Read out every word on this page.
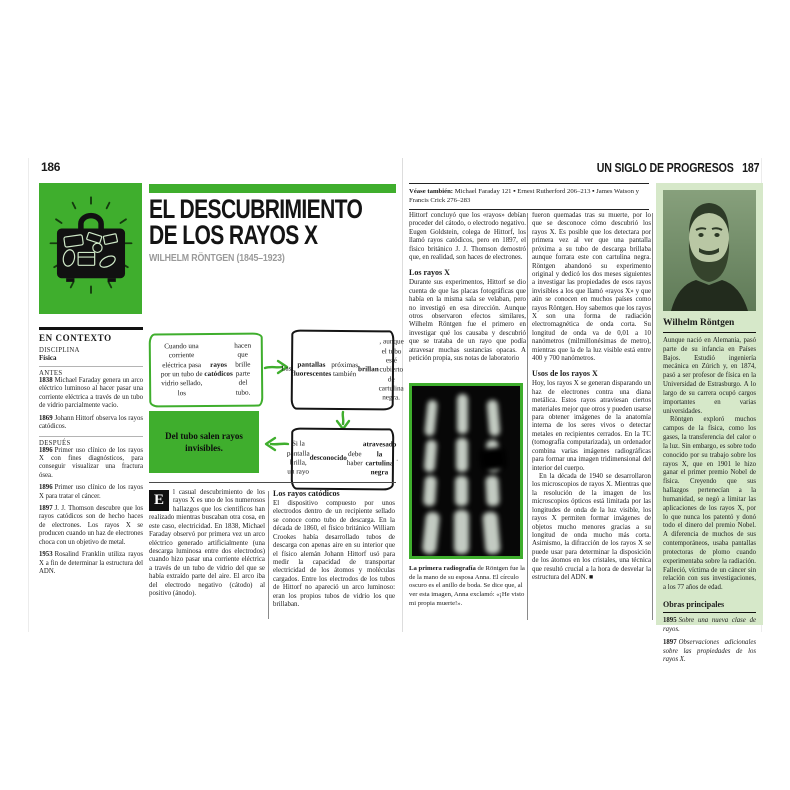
186
EN CONTEXTO
DISCIPLINA
Física
ANTES

1838 Michael Faraday genera un arco eléctrico luminoso al hacer pasar una corriente eléctrica a través de un tubo de vidrio parcialmente vacío.

1869 Johann Hittorf observa los rayos catódicos.

DESPUÉS

1896 Primer uso clínico de los rayos X con fines diagnósticos, para conseguir visualizar una fractura ósea.

1896 Primer uso clínico de los rayos X para tratar el cáncer.

1897 J. J. Thomson descubre que los rayos catódicos son de hecho haces de electrones. Los rayos X se producen cuando un haz de electrones choca con un objetivo de metal.

1953 Rosalind Franklin utiliza rayos X a fin de determinar la estructura del ADN.

EL DESCUBRIMIENTO
DE LOS RAYOS X
WILHELM RÖNTGEN (1845–1923)
Cuando una corriente eléctrica pasa por un tubo de vidrio sellado, los
rayos catódicos
hacen que brille parte del tubo.
Las
pantallas fluorescentes
próximas también
brillan
, aunque el tubo esté cubierto de cartulina negra.
Si la pantalla brilla, un rayo
desconocido
debe haber
atravesado la cartulina negra
.
Del tubo salen rayos invisibles.
E	l casual descubrimiento de los rayos X es uno de los numerosos hallazgos que los científicos han realizado mientras buscaban otra cosa, en este caso, electricidad. En 1838, Michael Faraday observó por primera vez un arco eléctrico generado artificialmente (una descarga luminosa entre dos electrodos) cuando hizo pasar una corriente eléctrica a través de un tubo de vidrio del que se había extraído parte del aire. El arco iba del electrodo negativo (cátodo) al positivo (ánodo).
Los rayos catódicos
El dispositivo compuesto por unos electrodos dentro de un recipiente sellado se conoce como tubo de descarga. En la década de 1860, el físico británico William Crookes había desarrollado tubos de descarga con apenas aire en su interior que el físico alemán Johann Hittorf usó para medir la capacidad de transportar electricidad de los átomos y moléculas cargados. Entre los electrodos de los tubos de Hittorf no apareció un arco luminoso: eran los propios tubos de vidrio los que brillaban.
UN SIGLO DE PROGRESOS 187
Véase también: Michael Faraday 121 ▪ Ernest Rutherford 206–213 ▪ James Watson y Francis Crick 276–283
Hittorf concluyó que los «rayos» debían proceder del cátodo, o electrodo negativo. Eugen Goldstein, colega de Hittorf, los llamó rayos catódicos, pero en 1897, el físico británico J. J. Thomson demostró que, en realidad, son haces de electrones.
Los rayos X
Durante sus experimentos, Hittorf se dio cuenta de que las placas fotográficas que había en la misma sala se velaban, pero no investigó en esa dirección. Aunque otros observaron efectos similares, Wilhelm Röntgen fue el primero en investigar qué los causaba y descubrió que se trataba de un rayo que podía atravesar muchas sustancias opacas. A petición propia, sus notas de laboratorio
La primera radiografía de Röntgen fue la de la mano de su esposa Anna. El círculo oscuro es el anillo de boda. Se dice que, al ver esta imagen, Anna exclamó: «¡He visto mi propia muerte!».
fueron quemadas tras su muerte, por lo que se desconoce cómo descubrió los rayos X. Es posible que los detectara por primera vez al ver que una pantalla próxima a su tubo de descarga brillaba aunque forrara este con cartulina negra. Röntgen abandonó su experimento original y dedicó los dos meses siguientes a investigar las propiedades de esos rayos invisibles a los que llamó «rayos X» y que aún se conocen en muchos países como rayos Röntgen. Hoy sabemos que los rayos X son una forma de radiación electromagnética de onda corta. Su longitud de onda va de 0,01 a 10 nanómetros (milmillonésimas de metro), mientras que la de la luz visible está entre 400 y 700 nanómetros.
Usos de los rayos X
Hoy, los rayos X se generan disparando un haz de electrones contra una diana metálica. Estos rayos atraviesan ciertos materiales mejor que otros y pueden usarse para obtener imágenes de la anatomía interna de los seres vivos o detectar metales en recipientes cerrados. En la TC (tomografía computarizada), un ordenador combina varias imágenes radiográficas para formar una imagen tridimensional del interior del cuerpo.
En la década de 1940 se desarrollaron los microscopios de rayos X. Mientras que la resolución de la imagen de los microscopios ópticos está limitada por las longitudes de onda de la luz visible, los rayos X permiten formar imágenes de objetos mucho menores gracias a su longitud de onda mucho más corta. Asimismo, la difracción de los rayos X se puede usar para determinar la disposición de los átomos en los cristales, una técnica que resultó crucial a la hora de desvelar la estructura del ADN. ■
Wilhelm Röntgen

Aunque nació en Alemania, pasó parte de su infancia en Países Bajos. Estudió ingeniería mecánica en Zúrich y, en 1874, pasó a ser profesor de física en la Universidad de Estrasburgo. A lo largo de su carrera ocupó cargos importantes en varias universidades.

Röntgen exploró muchos campos de la física, como los gases, la transferencia del calor o la luz. Sin embargo, es sobre todo conocido por su trabajo sobre los rayos X, que en 1901 le hizo ganar el primer premio Nobel de física. Creyendo que sus hallazgos pertenecían a la humanidad, se negó a limitar las aplicaciones de los rayos X, por lo que nunca los patentó y donó todo el dinero del premio Nobel. A diferencia de muchos de sus contemporáneos, usaba pantallas protectoras de plomo cuando experimentaba sobre la radiación. Falleció, víctima de un cáncer sin relación con sus investigaciones, a los 77 años de edad.

Obras principales

1895 Sobre una nueva clase de rayos.

1897 Observaciones adicionales sobre las propiedades de los rayos X.
